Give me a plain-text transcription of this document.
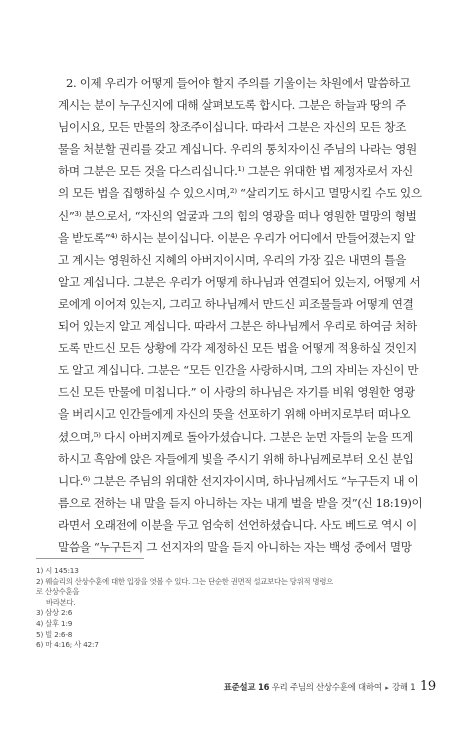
2. 이제 우리가 어떻게 들어야 할지 주의를 기울이는 차원에서 말씀하고
계시는 분이 누구신지에 대해 살펴보도록 합시다. 그분은 하늘과 땅의 주
님이시요, 모든 만물의 창조주이십니다. 따라서 그분은 자신의 모든 창조
물을 처분할 권리를 갖고 계십니다. 우리의 통치자이신 주님의 나라는 영원
하며 그분은 모든 것을 다스리십니다.¹⁾ 그분은 위대한 법 제정자로서 자신
의 모든 법을 집행하실 수 있으시며,²⁾ “살리기도 하시고 멸망시킬 수도 있으
신”³⁾ 분으로서, “자신의 얼굴과 그의 힘의 영광을 떠나 영원한 멸망의 형벌
을 받도록”⁴⁾ 하시는 분이십니다. 이분은 우리가 어디에서 만들어졌는지 알
고 계시는 영원하신 지혜의 아버지이시며, 우리의 가장 깊은 내면의 틀을
알고 계십니다. 그분은 우리가 어떻게 하나님과 연결되어 있는지, 어떻게 서
로에게 이어져 있는지, 그리고 하나님께서 만드신 피조물들과 어떻게 연결
되어 있는지 알고 계십니다. 따라서 그분은 하나님께서 우리로 하여금 처하
도록 만드신 모든 상황에 각각 제정하신 모든 법을 어떻게 적용하실 것인지
도 알고 계십니다. 그분은 “모든 인간을 사랑하시며, 그의 자비는 자신이 만
드신 모든 만물에 미칩니다.” 이 사랑의 하나님은 자기를 비워 영원한 영광
을 버리시고 인간들에게 자신의 뜻을 선포하기 위해 아버지로부터 떠나오
셨으며,⁵⁾ 다시 아버지께로 돌아가셨습니다. 그분은 눈먼 자들의 눈을 뜨게
하시고 흑암에 앉은 자들에게 빛을 주시기 위해 하나님께로부터 오신 분입
니다.⁶⁾ 그분은 주님의 위대한 선지자이시며, 하나님께서도 “누구든지 내 이
름으로 전하는 내 말을 듣지 아니하는 자는 내게 벌을 받을 것”(신 18:19)이
라면서 오래전에 이분을 두고 엄숙히 선언하셨습니다. 사도 베드로 역시 이
말씀을 “누구든지 그 선지자의 말을 듣지 아니하는 자는 백성 중에서 멸망
1) 시 145:13
2) 웨슬리의 산상수훈에 대한 입장을 엿볼 수 있다. 그는 단순한 권면적 설교보다는 당위적 명령으로 산상수훈을
바라본다.
3) 삼상 2:6
4) 살후 1:9
5) 빌 2:6-8
6) 마 4:16; 사 42:7
표준설교 16 우리 주님의 산상수훈에 대하여 ▸ 강해 1 19
